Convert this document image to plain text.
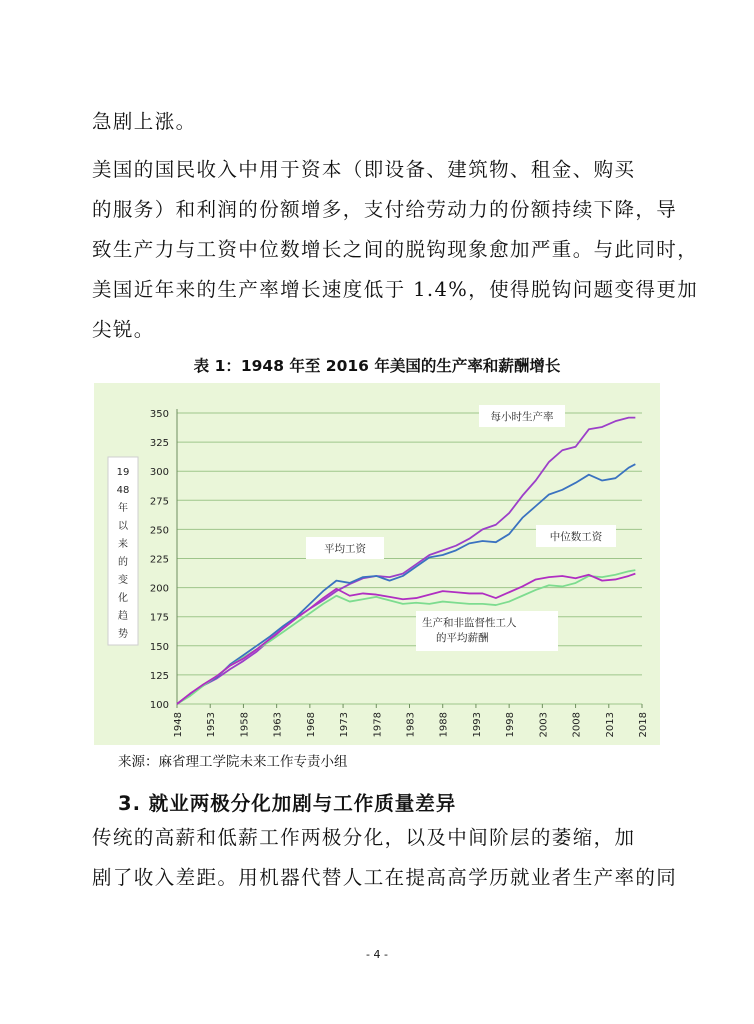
急剧上涨。

美国的国民收入中用于资本（即设备、建筑物、租金、购买
的服务）和利润的份额增多，支付给劳动力的份额持续下降，导
致生产力与工资中位数增长之间的脱钩现象愈加严重。与此同时，
美国近年来的生产率增长速度低于 1.4%，使得脱钩问题变得更加
尖锐。

表 1：1948 年至 2016 年美国的生产率和薪酬增长
100
125
150
175
200
225
250
275
300
325
350
1948 1953 1958 1963 1968 1973 1978 1983 1988 1993 1998 2003 2008 2013 2018
19
48
年
以
来
的
变
化
趋
势
每小时生产率
平均工资
中位数工资
生产和非监督性工人
的平均薪酬
来源：麻省理工学院未来工作专责小组
3. 就业两极分化加剧与工作质量差异

传统的高薪和低薪工作两极分化，以及中间阶层的萎缩，加
剧了收入差距。用机器代替人工在提高高学历就业者生产率的同

- 4 -
